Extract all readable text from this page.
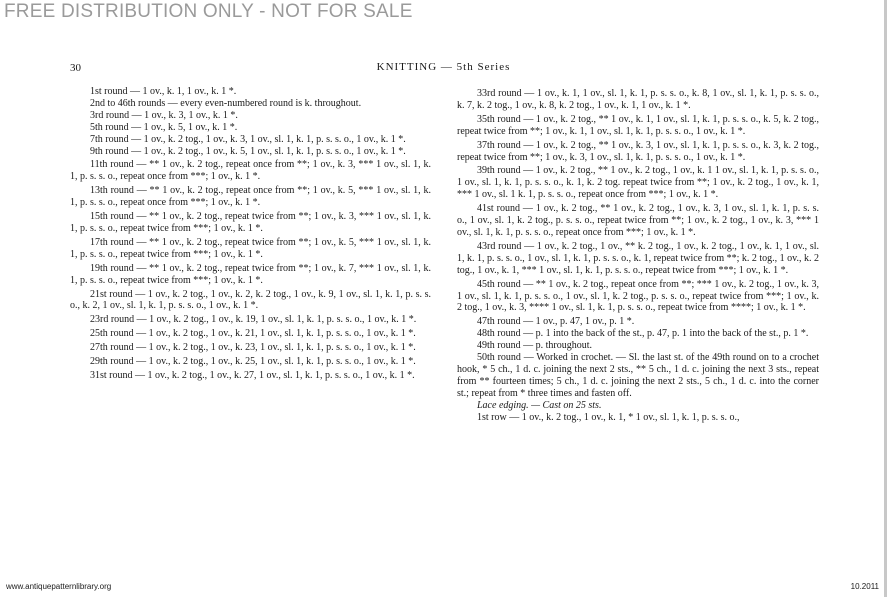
FREE DISTRIBUTION ONLY - NOT FOR SALE
30	KNITTING — 5th Series

1st round — 1 ov., k. 1, 1 ov., k. 1 *.

2nd to 46th rounds — every even-numbered round is k. throughout.

3rd round — 1 ov., k. 3, 1 ov., k. 1 *.

5th round — 1 ov., k. 5, 1 ov., k. 1 *.

7th round — 1 ov., k. 2 tog., 1 ov., k. 3, 1 ov., sl. 1, k. 1, p. s. s. o., 1 ov., k. 1 *.

9th round — 1 ov., k. 2 tog., 1 ov., k. 5, 1 ov., sl. 1, k. 1, p. s. s. o., 1 ov., k. 1 *.

11th round — ** 1 ov., k. 2 tog., repeat once from **; 1 ov., k. 3, *** 1 ov., sl. 1, k. 1, p. s. s. o., repeat once from ***; 1 ov., k. 1 *.

13th round — ** 1 ov., k. 2 tog., repeat once from **; 1 ov., k. 5, *** 1 ov., sl. 1, k. 1, p. s. s. o., repeat once from ***; 1 ov., k. 1 *.

15th round — ** 1 ov., k. 2 tog., repeat twice from **; 1 ov., k. 3, *** 1 ov., sl. 1, k. 1, p. s. s. o., repeat twice from ***; 1 ov., k. 1 *.

17th round — ** 1 ov., k. 2 tog., repeat twice from **; 1 ov., k. 5, *** 1 ov., sl. 1, k. 1, p. s. s. o., repeat twice from ***; 1 ov., k. 1 *.

19th round — ** 1 ov., k. 2 tog., repeat twice from **; 1 ov., k. 7, *** 1 ov., sl. 1, k. 1, p. s. s. o., repeat twice from ***; 1 ov., k. 1 *.

21st round — 1 ov., k. 2 tog., 1 ov., k. 2, k. 2 tog., 1 ov., k. 9, 1 ov., sl. 1, k. 1, p. s. s. o., k. 2, 1 ov., sl. 1, k. 1, p. s. s. o., 1 ov., k. 1 *.

23rd round — 1 ov., k. 2 tog., 1 ov., k. 19, 1 ov., sl. 1, k. 1, p. s. s. o., 1 ov., k. 1 *.

25th round — 1 ov., k. 2 tog., 1 ov., k. 21, 1 ov., sl. 1, k. 1, p. s. s. o., 1 ov., k. 1 *.

27th round — 1 ov., k. 2 tog., 1 ov., k. 23, 1 ov., sl. 1, k. 1, p. s. s. o., 1 ov., k. 1 *.

29th round — 1 ov., k. 2 tog., 1 ov., k. 25, 1 ov., sl. 1, k. 1, p. s. s. o., 1 ov., k. 1 *.

31st round — 1 ov., k. 2 tog., 1 ov., k. 27, 1 ov., sl. 1, k. 1, p. s. s. o., 1 ov., k. 1 *.

33rd round — 1 ov., k. 1, 1 ov., sl. 1, k. 1, p. s. s. o., k. 8, 1 ov., sl. 1, k. 1, p. s. s. o., k. 7, k. 2 tog., 1 ov., k. 8, k. 2 tog., 1 ov., k. 1, 1 ov., k. 1 *.

35th round — 1 ov., k. 2 tog., ** 1 ov., k. 1, 1 ov., sl. 1, k. 1, p. s. s. o., k. 5, k. 2 tog., repeat twice from **; 1 ov., k. 1, 1 ov., sl. 1, k. 1, p. s. s. o., 1 ov., k. 1 *.

37th round — 1 ov., k. 2 tog., ** 1 ov., k. 3, 1 ov., sl. 1, k. 1, p. s. s. o., k. 3, k. 2 tog., repeat twice from **; 1 ov., k. 3, 1 ov., sl. 1, k. 1, p. s. s. o., 1 ov., k. 1 *.

39th round — 1 ov., k. 2 tog., ** 1 ov., k. 2 tog., 1 ov., k. 1 1 ov., sl. 1, k. 1, p. s. s. o., 1 ov., sl. 1, k. 1, p. s. s. o., k. 1, k. 2 tog. repeat twice from **; 1 ov., k. 2 tog., 1 ov., k. 1, *** 1 ov., sl. 1 k. 1, p. s. s. o., repeat once from ***; 1 ov., k. 1 *.

41st round — 1 ov., k. 2 tog., ** 1 ov., k. 2 tog., 1 ov., k. 3, 1 ov., sl. 1, k. 1, p. s. s. o., 1 ov., sl. 1, k. 2 tog., p. s. s. o., repeat twice from **; 1 ov., k. 2 tog., 1 ov., k. 3, *** 1 ov., sl. 1, k. 1, p. s. s. o., repeat once from ***; 1 ov., k. 1 *.

43rd round — 1 ov., k. 2 tog., 1 ov., ** k. 2 tog., 1 ov., k. 2 tog., 1 ov., k. 1, 1 ov., sl. 1, k. 1, p. s. s. o., 1 ov., sl. 1, k. 1, p. s. s. o., k. 1, repeat twice from **; k. 2 tog., 1 ov., k. 2 tog., 1 ov., k. 1, *** 1 ov., sl. 1, k. 1, p. s. s. o., repeat twice from ***; 1 ov., k. 1 *.

45th round — ** 1 ov., k. 2 tog., repeat once from **; *** 1 ov., k. 2 tog., 1 ov., k. 3, 1 ov., sl. 1, k. 1, p. s. s. o., 1 ov., sl. 1, k. 2 tog., p. s. s. o., repeat twice from ***; 1 ov., k. 2 tog., 1 ov., k. 3, **** 1 ov., sl. 1, k. 1, p. s. s. o., repeat twice from ****; 1 ov., k. 1 *.

47th round — 1 ov., p. 47, 1 ov., p. 1 *.

48th round — p. 1 into the back of the st., p. 47, p. 1 into the back of the st., p. 1 *.

49th round — p. throughout.

50th round — Worked in crochet. — Sl. the last st. of the 49th round on to a crochet hook, * 5 ch., 1 d. c. joining the next 2 sts., ** 5 ch., 1 d. c. joining the next 3 sts., repeat from ** fourteen times; 5 ch., 1 d. c. joining the next 2 sts., 5 ch., 1 d. c. into the corner st.; repeat from * three times and fasten off.

Lace edging. — Cast on 25 sts.

1st row — 1 ov., k. 2 tog., 1 ov., k. 1, * 1 ov., sl. 1, k. 1, p. s. s. o.,

www.antiquepatternlibrary.org	10.2011
